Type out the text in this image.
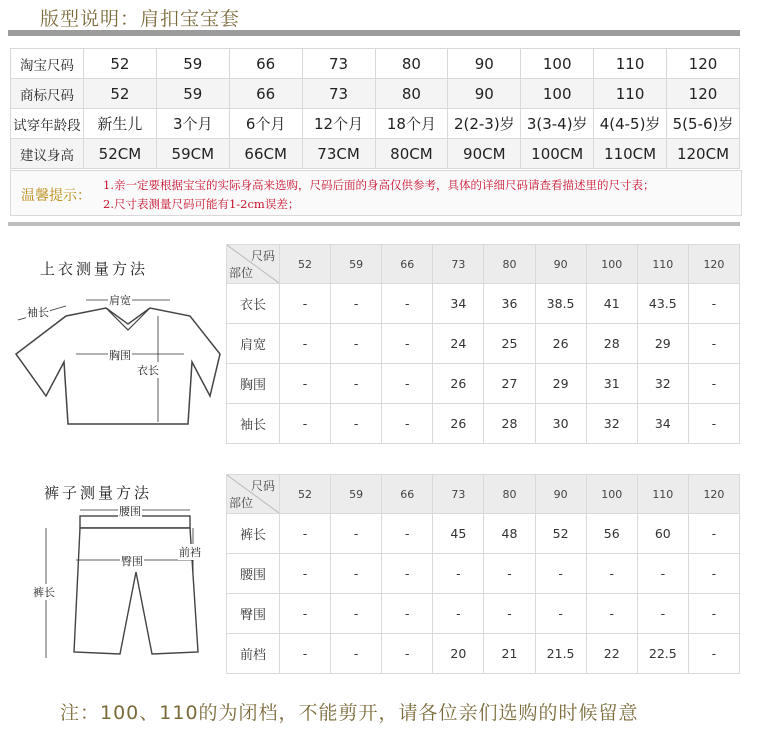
版型说明：肩扣宝宝套
淘宝尺码	52	59	66	73	80	90	100	110	120
商标尺码	52	59	66	73	80	90	100	110	120
试穿年龄段	新生儿	3个月	6个月	12个月	18个月	2(2-3)岁	3(3-4)岁	4(4-5)岁	5(5-6)岁
建议身高	52CM	59CM	66CM	73CM	80CM	90CM	100CM	110CM	120CM
温馨提示：
1.亲一定要根据宝宝的实际身高来选购，尺码后面的身高仅供参考，具体的详细尺码请查看描述里的尺寸表；
2.尺寸表测量尺码可能有1-2cm误差；
上衣测量方法
袖长
肩宽
胸围
衣长
尺码
部位	52	59	66	73	80	90	100	110	120
衣长	-	-	-	34	36	38.5	41	43.5	-
肩宽	-	-	-	24	25	26	28	29	-
胸围	-	-	-	26	27	29	31	32	-
袖长	-	-	-	26	28	30	32	34	-
裤子测量方法
腰围
臀围
前裆
裤长
尺码
部位	52	59	66	73	80	90	100	110	120
裤长	-	-	-	45	48	52	56	60	-
腰围	-	-	-	-	-	-	-	-	-
臀围	-	-	-	-	-	-	-	-	-
前档	-	-	-	20	21	21.5	22	22.5	-
注：100、110的为闭档，不能剪开，请各位亲们选购的时候留意
